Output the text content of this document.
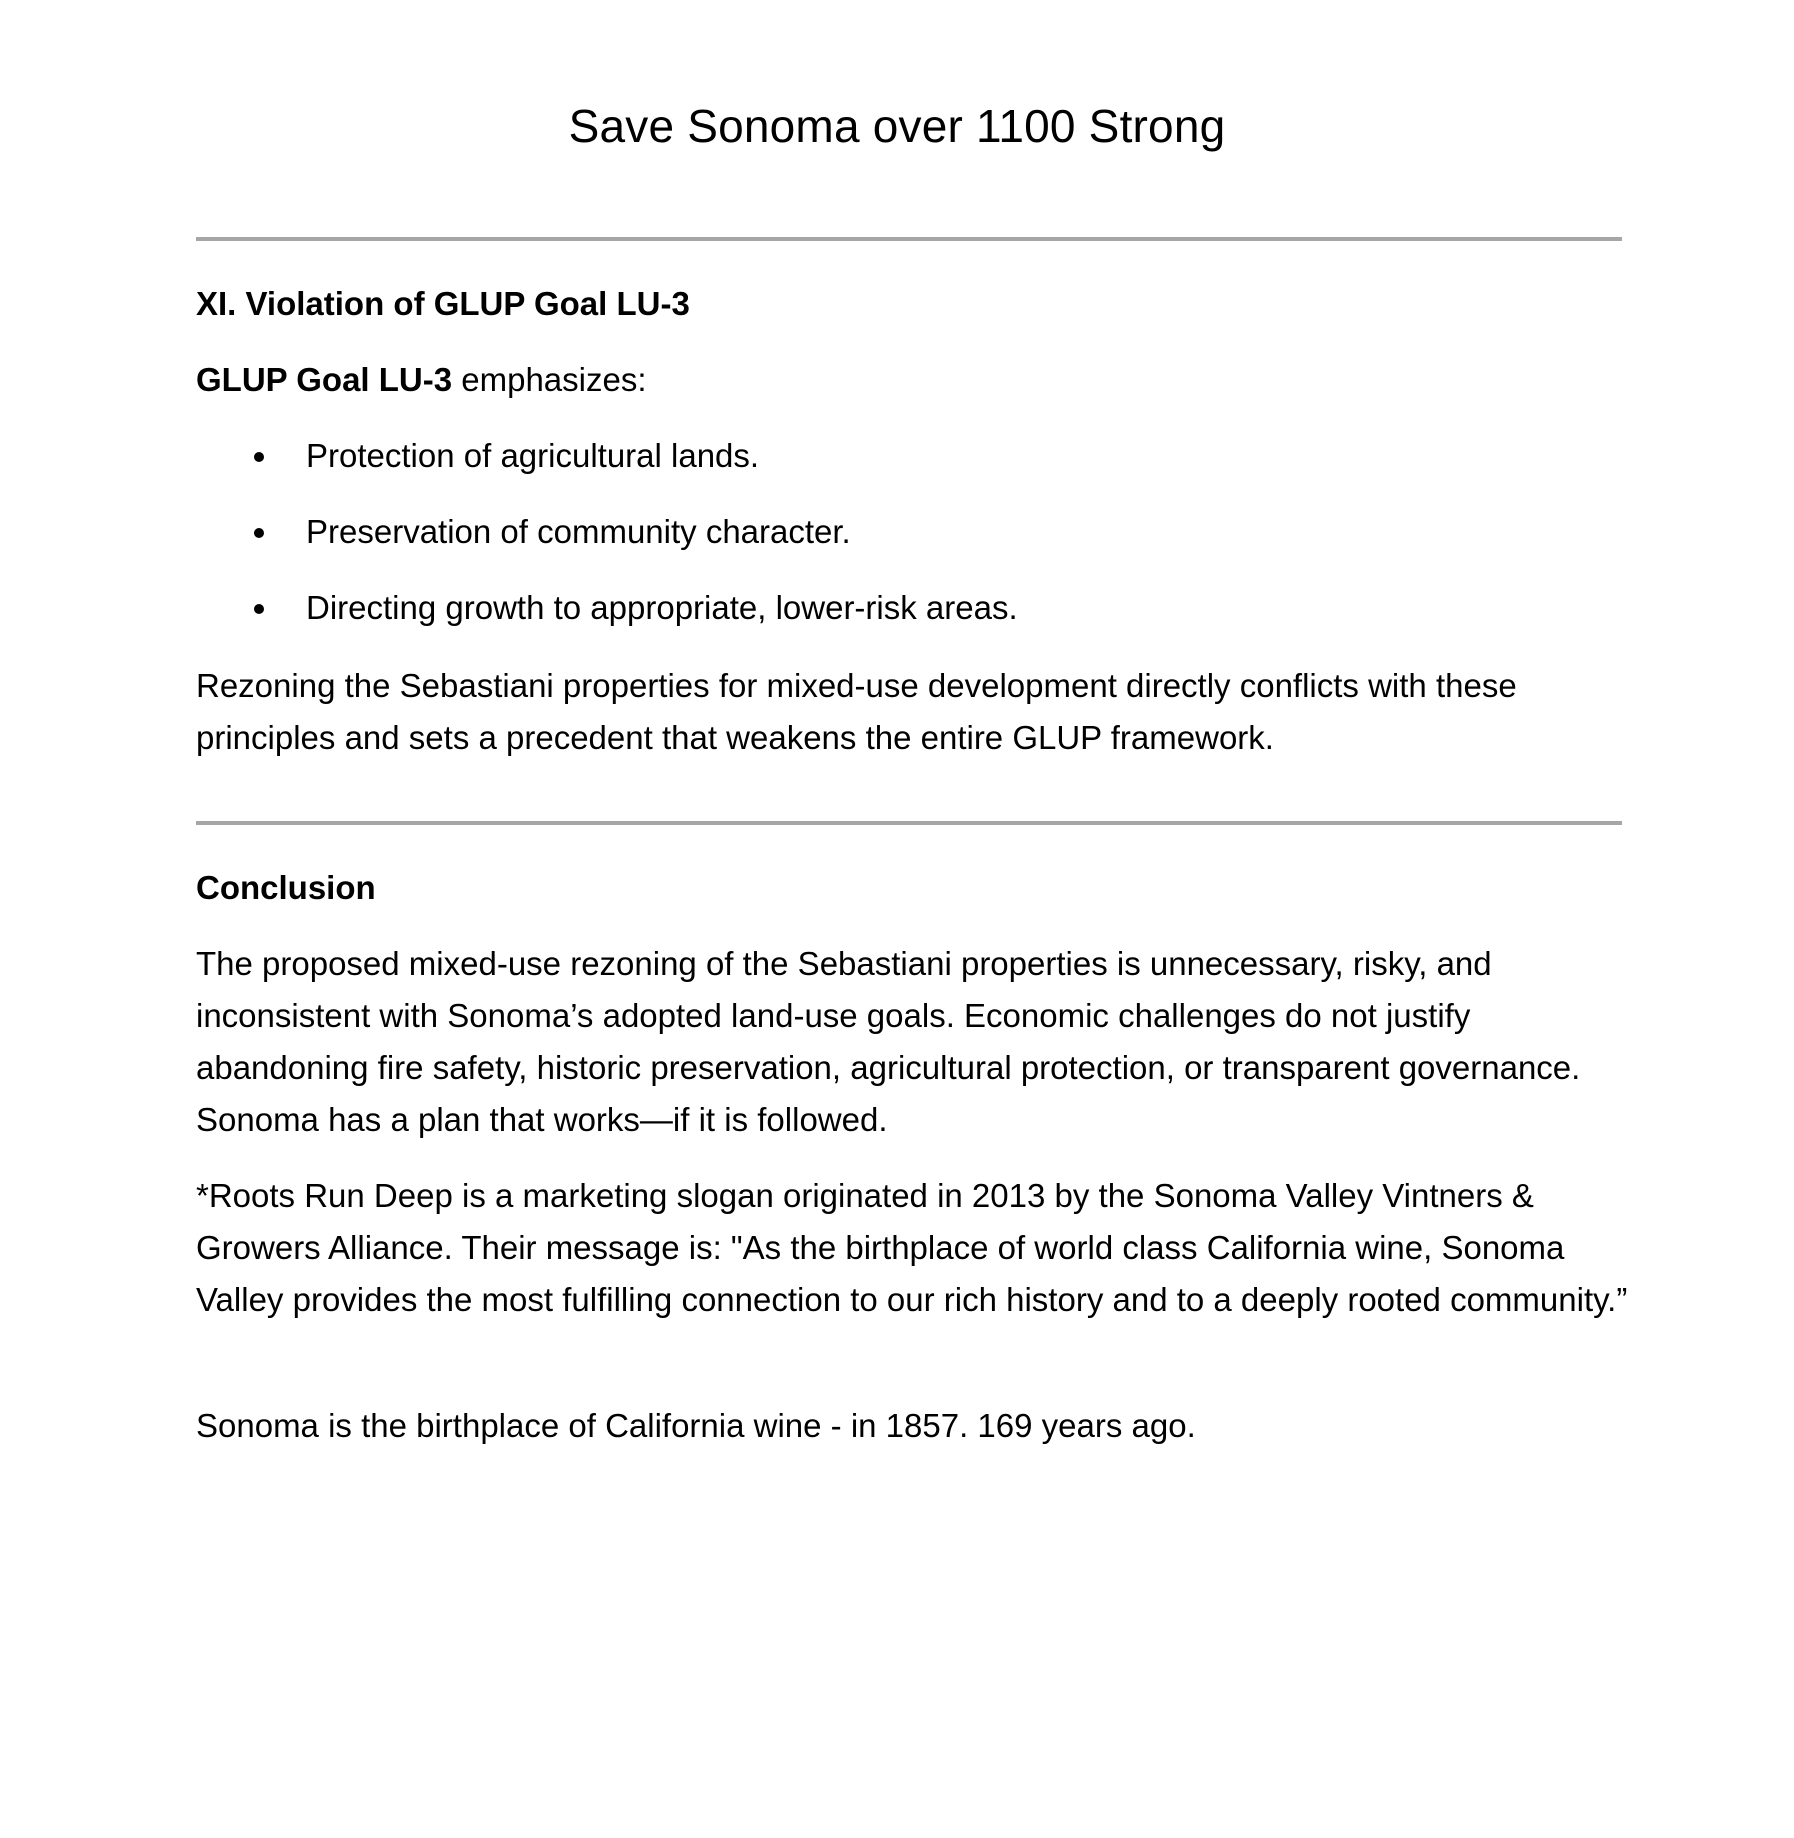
Save Sonoma over 1100 Strong

XI. Violation of GLUP Goal LU-3

GLUP Goal LU-3 emphasizes:

Protection of agricultural lands.
Preservation of community character.
Directing growth to appropriate, lower-risk areas.

Rezoning the Sebastiani properties for mixed-use development directly conflicts with these principles and sets a precedent that weakens the entire GLUP framework.

Conclusion

The proposed mixed-use rezoning of the Sebastiani properties is unnecessary, risky, and inconsistent with Sonoma’s adopted land-use goals. Economic challenges do not justify abandoning fire safety, historic preservation, agricultural protection, or transparent governance. Sonoma has a plan that works—if it is followed.

*Roots Run Deep is a marketing slogan originated in 2013 by the Sonoma Valley Vintners & Growers Alliance. Their message is: "As the birthplace of world class California wine, Sonoma Valley provides the most fulfilling connection to our rich history and to a deeply rooted community.”

Sonoma is the birthplace of California wine - in 1857. 169 years ago.
